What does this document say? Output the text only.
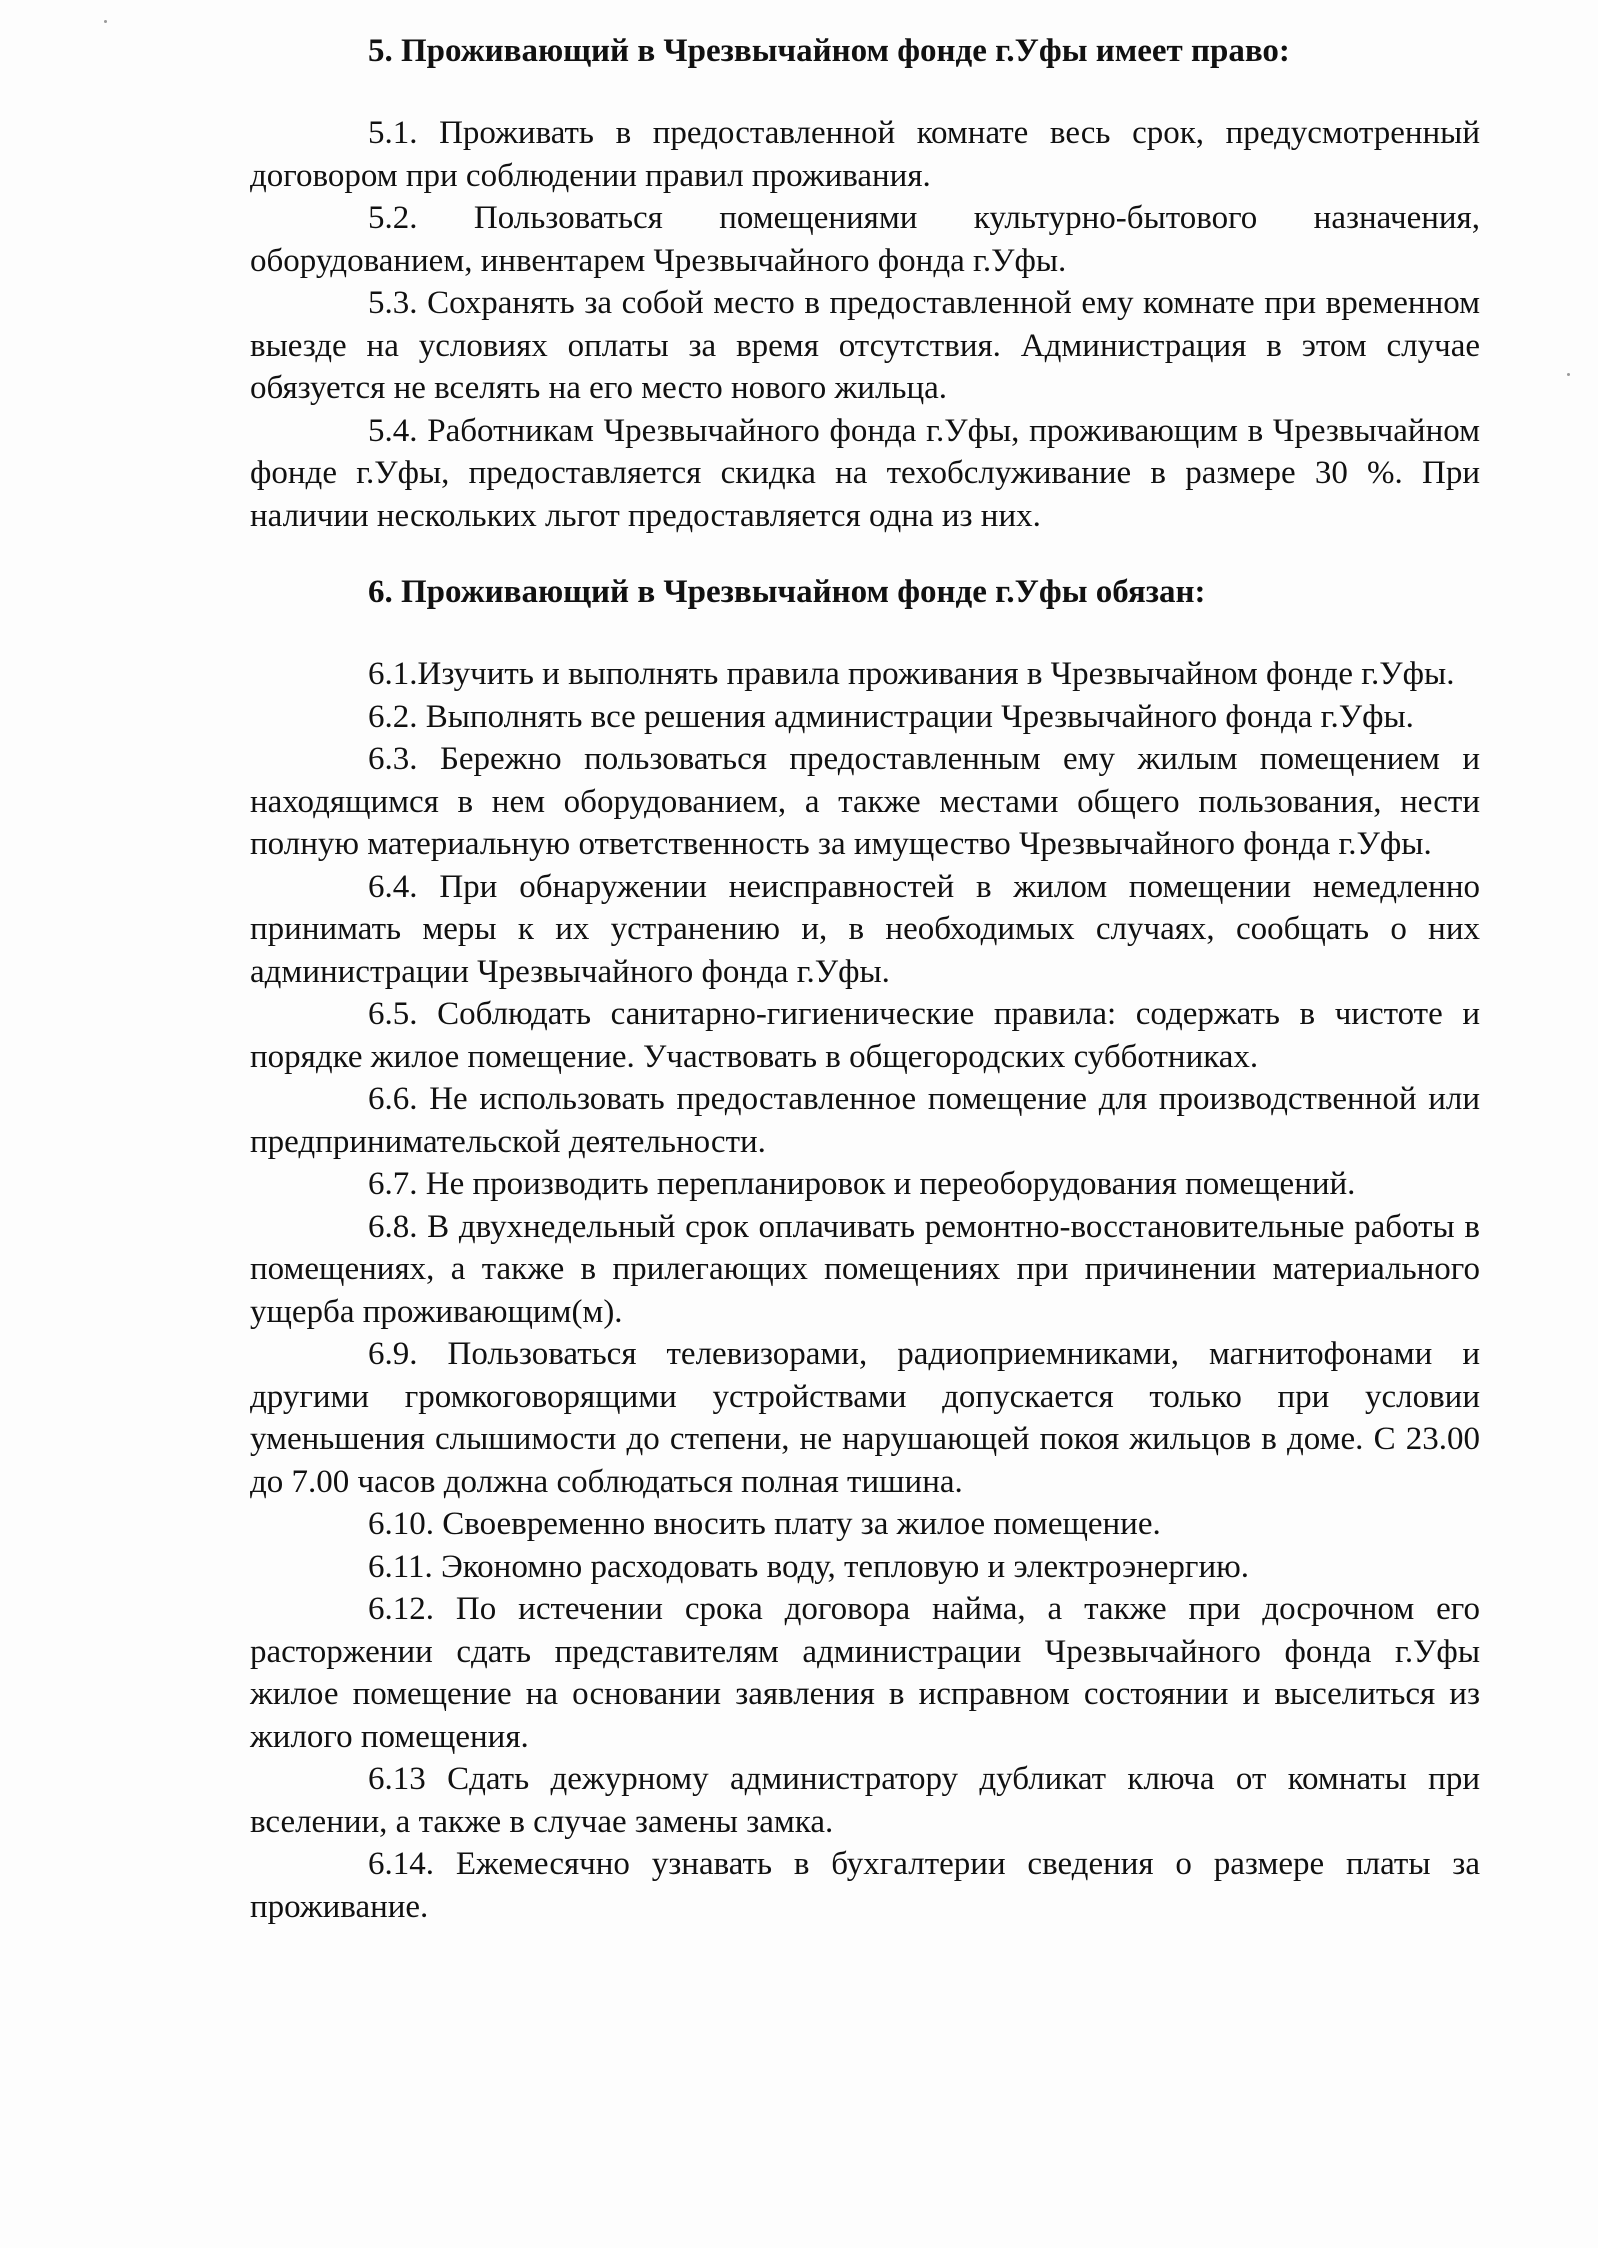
5. Проживающий в Чрезвычайном фонде г.Уфы имеет право:

5.1. Проживать в предоставленной комнате весь срок, предусмотренный договором при соблюдении правил проживания.

5.2. Пользоваться помещениями культурно-бытового назначения, оборудованием, инвентарем Чрезвычайного фонда г.Уфы.

5.3. Сохранять за собой место в предоставленной ему комнате при временном выезде на условиях оплаты за время отсутствия. Администрация в этом случае обязуется не вселять на его место нового жильца.

5.4. Работникам Чрезвычайного фонда г.Уфы, проживающим в Чрезвычайном фонде г.Уфы, предоставляется скидка на техобслуживание в размере 30 %. При наличии нескольких льгот предоставляется одна из них.

6. Проживающий в Чрезвычайном фонде г.Уфы обязан:

6.1.Изучить и выполнять правила проживания в Чрезвычайном фонде г.Уфы.

6.2. Выполнять все решения администрации Чрезвычайного фонда г.Уфы.

6.3. Бережно пользоваться предоставленным ему жилым помещением и находящимся в нем оборудованием, а также местами общего пользования, нести полную материальную ответственность за имущество Чрезвычайного фонда г.Уфы.

6.4. При обнаружении неисправностей в жилом помещении немедленно принимать меры к их устранению и, в необходимых случаях, сообщать о них администрации Чрезвычайного фонда г.Уфы.

6.5. Соблюдать санитарно-гигиенические правила: содержать в чистоте и порядке жилое помещение. Участвовать в общегородских субботниках.

6.6. Не использовать предоставленное помещение для производственной или предпринимательской деятельности.

6.7. Не производить перепланировок и переоборудования помещений.

6.8. В двухнедельный срок оплачивать ремонтно-восстановительные работы в помещениях, а также в прилегающих помещениях при причинении материального ущерба проживающим(м).

6.9. Пользоваться телевизорами, радиоприемниками, магнитофонами и другими громкоговорящими устройствами допускается только при условии уменьшения слышимости до степени, не нарушающей покоя жильцов в доме. С 23.00 до 7.00 часов должна соблюдаться полная тишина.

6.10. Своевременно вносить плату за жилое помещение.

6.11. Экономно расходовать воду, тепловую и электроэнергию.

6.12. По истечении срока договора найма, а также при досрочном его расторжении сдать представителям администрации Чрезвычайного фонда г.Уфы жилое помещение на основании заявления в исправном состоянии и выселиться из жилого помещения.

6.13 Сдать дежурному администратору дубликат ключа от комнаты при вселении, а также в случае замены замка.

6.14. Ежемесячно узнавать в бухгалтерии сведения о размере платы за проживание.
